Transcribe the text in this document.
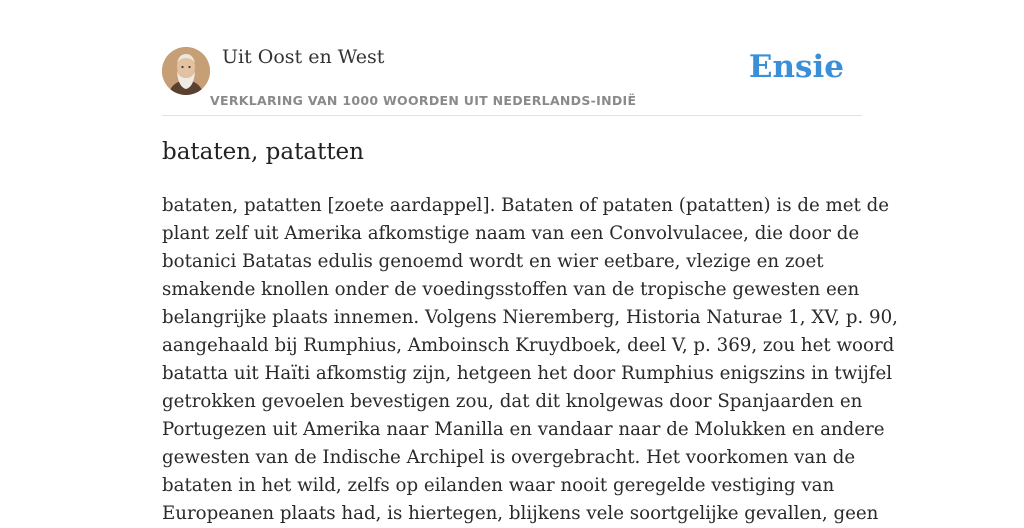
Uit Oost en West
VERKLARING VAN 1000 WOORDEN UIT NEDERLANDS-INDIË
Ensie
bataten, patatten
bataten, patatten [zoete aardappel]. Bataten of pataten (patatten) is de met de
plant zelf uit Amerika afkomstige naam van een Convolvulacee, die door de
botanici Batatas edulis genoemd wordt en wier eetbare, vlezige en zoet
smakende knollen onder de voedingsstoffen van de tropische gewesten een
belangrijke plaats innemen. Volgens Nieremberg, Historia Naturae 1, XV, p. 90,
aangehaald bij Rumphius, Amboinsch Kruydboek, deel V, p. 369, zou het woord
batatta uit Haïti afkomstig zijn, hetgeen het door Rumphius enigszins in twijfel
getrokken gevoelen bevestigen zou, dat dit knolgewas door Spanjaarden en
Portugezen uit Amerika naar Manilla en vandaar naar de Molukken en andere
gewesten van de Indische Archipel is overgebracht. Het voorkomen van de
bataten in het wild, zelfs op eilanden waar nooit geregelde vestiging van
Europeanen plaats had, is hiertegen, blijkens vele soortgelijke gevallen, geen
